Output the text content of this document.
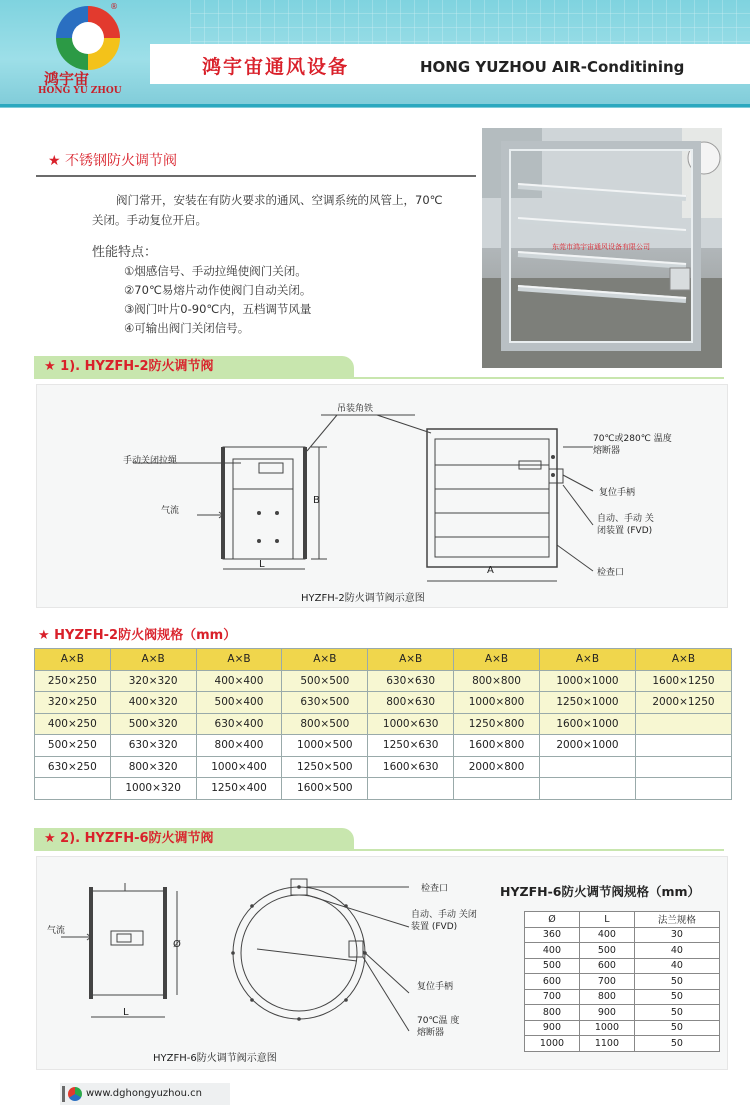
®
鸿宇宙
HONG YU ZHOU
鸿宇宙通风设备	HONG YUZHOU AIR-Conditining
★ 不锈钢防火调节阀
阀门常开，安装在有防火要求的通风、空调系统的风管上，70℃关闭。手动复位开启。
性能特点：
①烟感信号、手动拉绳使阀门关闭。
②70℃易熔片动作使阀门自动关闭。
③阀门叶片0-90℃内，五档调节风量
④可输出阀门关闭信号。
东莞市鸿宇宙通风设备有限公司
★ 1). HYZFH-2防火调节阀
吊装角铁
手动关闭拉绳
气流
70℃或280℃ 温度熔断器
复位手柄
自动、手动 关闭装置 (FVD)
检查口
B
L
A
HYZFH-2防火调节阀示意图
★ HYZFH-2防火阀规格（mm）
A×B	A×B	A×B	A×B	A×B	A×B	A×B	A×B
250×250	320×320	400×400	500×500	630×630	800×800	1000×1000	1600×1250
320×250	400×320	500×400	630×500	800×630	1000×800	1250×1000	2000×1250
400×250	500×320	630×400	800×500	1000×630	1250×800	1600×1000	
500×250	630×320	800×400	1000×500	1250×630	1600×800	2000×1000	
630×250	800×320	1000×400	1250×500	1600×630	2000×800		
	1000×320	1250×400	1600×500				
★ 2). HYZFH-6防火调节阀
检查口
自动、手动 关闭装置 (FVD)
气流
复位手柄
70℃温 度熔断器
L
Ø
HYZFH-6防火调节阀示意图
HYZFH-6防火调节阀规格（mm）
Ø	L	法兰规格
360	400	30
400	500	40
500	600	40
600	700	50
700	800	50
800	900	50
900	1000	50
1000	1100	50
www.dghongyuzhou.cn
